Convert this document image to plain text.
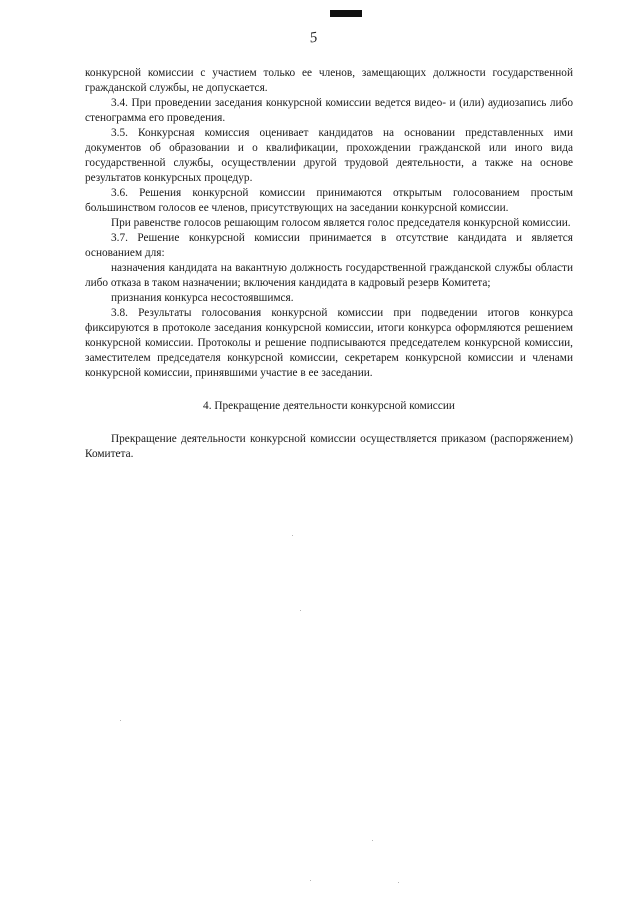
5

конкурсной комиссии с участием только ее членов, замещающих должности государственной гражданской службы, не допускается.

3.4. При проведении заседания конкурсной комиссии ведется видео- и (или) аудиозапись либо стенограмма его проведения.

3.5. Конкурсная комиссия оценивает кандидатов на основании представленных ими документов об образовании и о квалификации, прохождении гражданской или иного вида государственной службы, осуществлении другой трудовой деятельности, а также на основе результатов конкурсных процедур.

3.6. Решения конкурсной комиссии принимаются открытым голосованием простым большинством голосов ее членов, присутствующих на заседании конкурсной комиссии.

При равенстве голосов решающим голосом является голос председателя конкурсной комиссии.

3.7. Решение конкурсной комиссии принимается в отсутствие кандидата и является основанием для:

назначения кандидата на вакантную должность государственной гражданской службы области либо отказа в таком назначении; включения кандидата в кадровый резерв Комитета;

признания конкурса несостоявшимся.

3.8. Результаты голосования конкурсной комиссии при подведении итогов конкурса фиксируются в протоколе заседания конкурсной комиссии, итоги конкурса оформляются решением конкурсной комиссии. Протоколы и решение подписываются председателем конкурсной комиссии, заместителем председателя конкурсной комиссии, секретарем конкурсной комиссии и членами конкурсной комиссии, принявшими участие в ее заседании.

4. Прекращение деятельности конкурсной комиссии

Прекращение деятельности конкурсной комиссии осуществляется приказом (распоряжением) Комитета.
